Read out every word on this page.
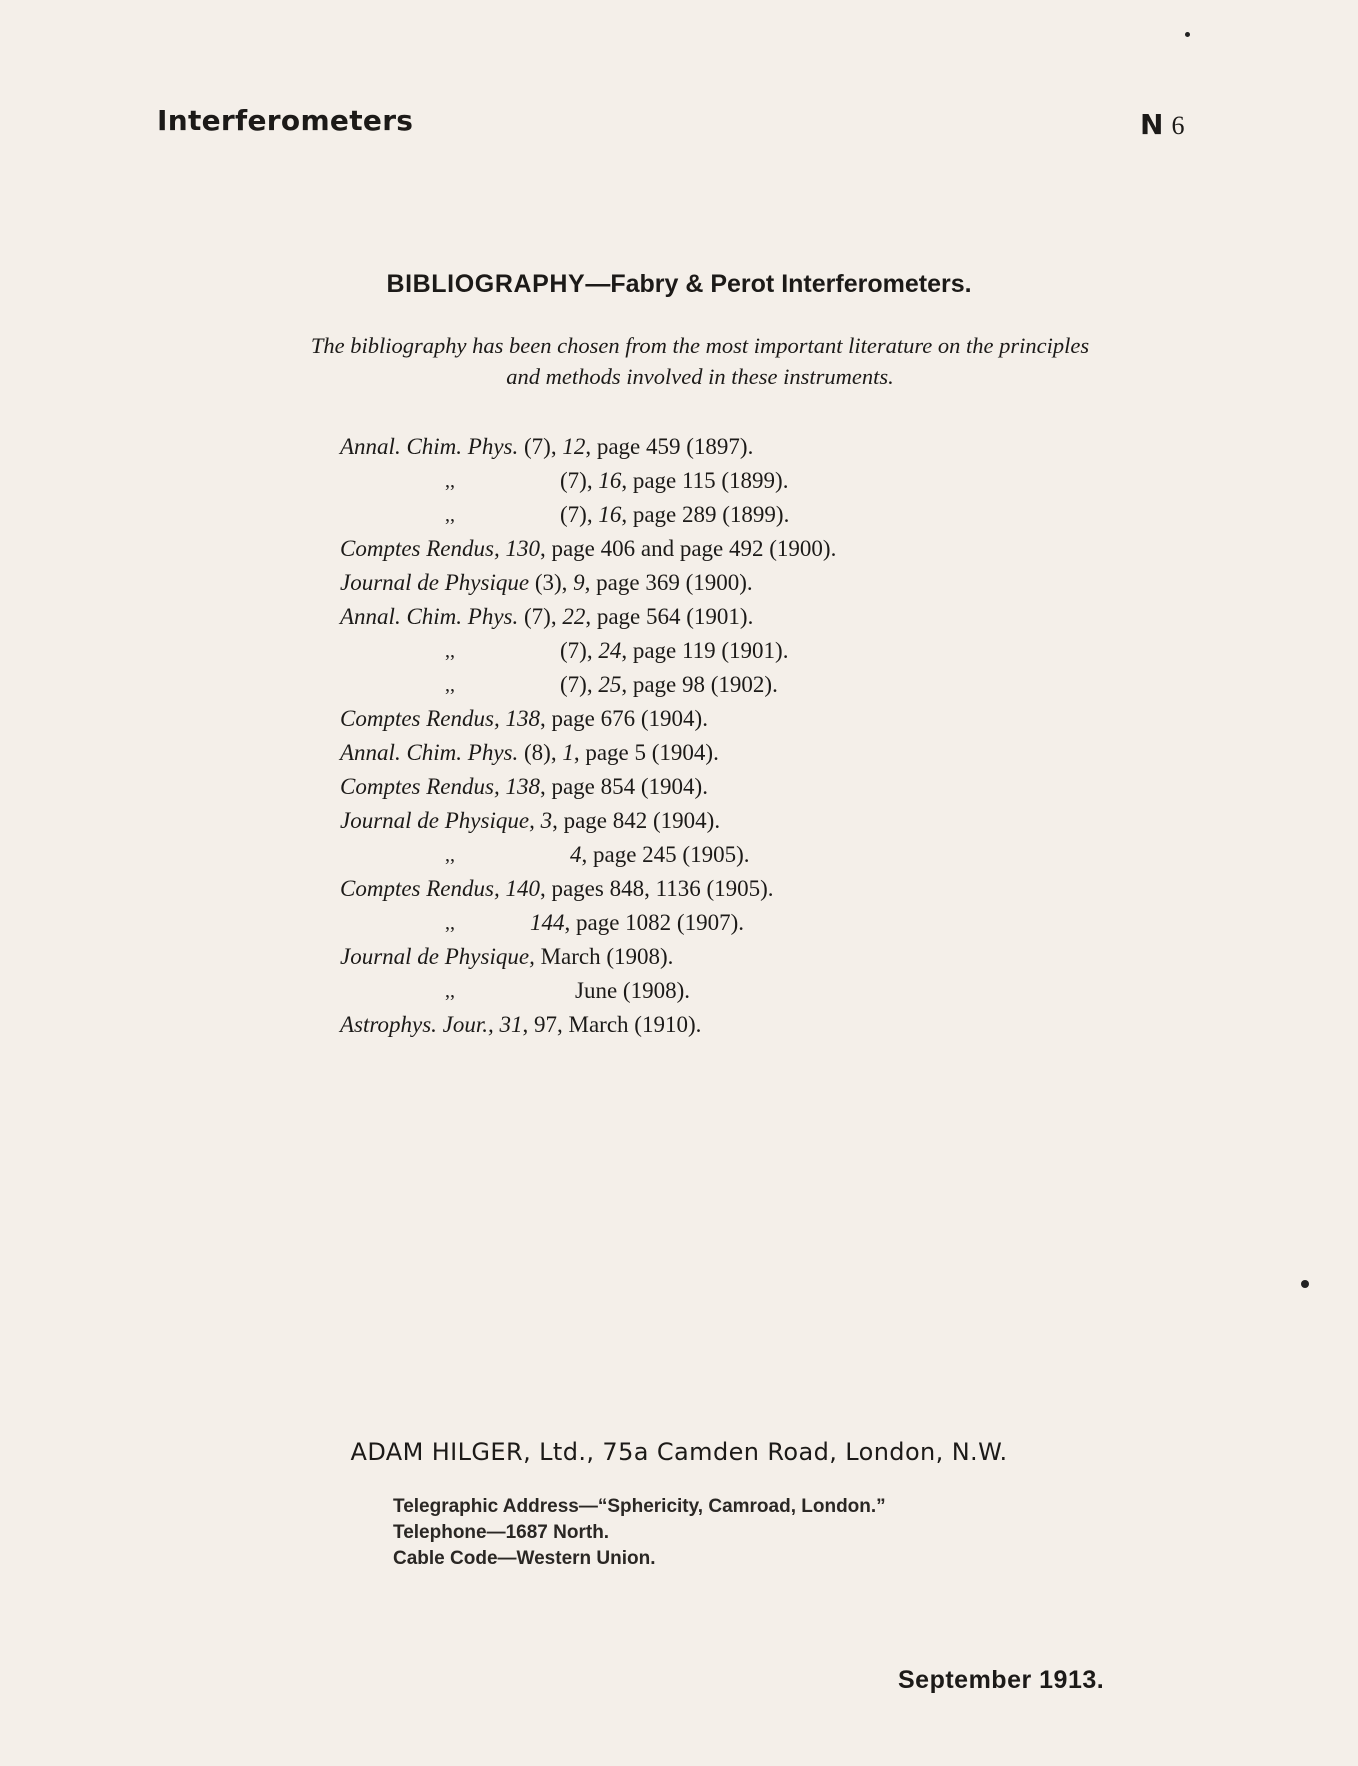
Interferometers	N 6
BIBLIOGRAPHY—Fabry & Perot Interferometers.
The bibliography has been chosen from the most important literature on the principles
and methods involved in these instruments.
Annal. Chim. Phys. (7), 12, page 459 (1897).
,,	(7), 16, page 115 (1899).
,,	(7), 16, page 289 (1899).
Comptes Rendus, 130, page 406 and page 492 (1900).
Journal de Physique (3), 9, page 369 (1900).
Annal. Chim. Phys. (7), 22, page 564 (1901).
,,	(7), 24, page 119 (1901).
,,	(7), 25, page 98 (1902).
Comptes Rendus, 138, page 676 (1904).
Annal. Chim. Phys. (8), 1, page 5 (1904).
Comptes Rendus, 138, page 854 (1904).
Journal de Physique, 3, page 842 (1904).
,,	4, page 245 (1905).
Comptes Rendus, 140, pages 848, 1136 (1905).
,,	144, page 1082 (1907).
Journal de Physique, March (1908).
,,	June (1908).
Astrophys. Jour., 31, 97, March (1910).
ADAM HILGER, Ltd., 75a Camden Road, London, N.W.
Telegraphic Address—“Sphericity, Camroad, London.”
Telephone—1687 North.
Cable Code—Western Union.
September 1913.
